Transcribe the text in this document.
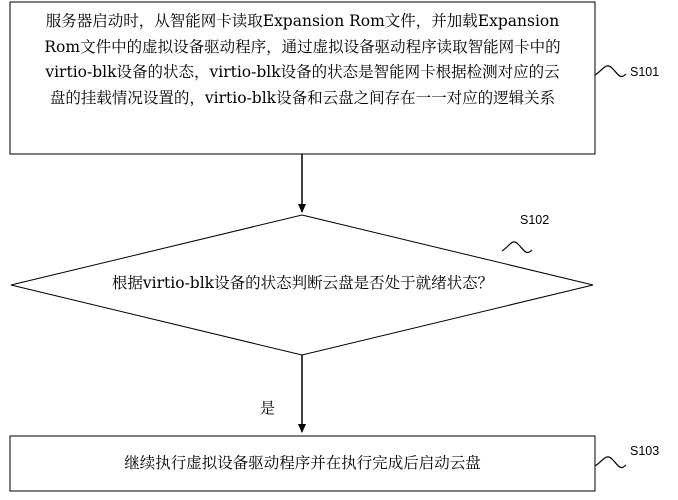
服务器启动时，从智能网卡读取Expansion Rom文件，并加载Expansion Rom文件中的虚拟设备驱动程序，通过虚拟设备驱动程序读取智能网卡中的virtio-blk设备的状态，virtio-blk设备的状态是智能网卡根据检测对应的云盘的挂载情况设置的，virtio-blk设备和云盘之间存在一一对应的逻辑关系
S101
根据virtio-blk设备的状态判断云盘是否处于就绪状态？
S102
是
继续执行虚拟设备驱动程序并在执行完成后启动云盘
S103
